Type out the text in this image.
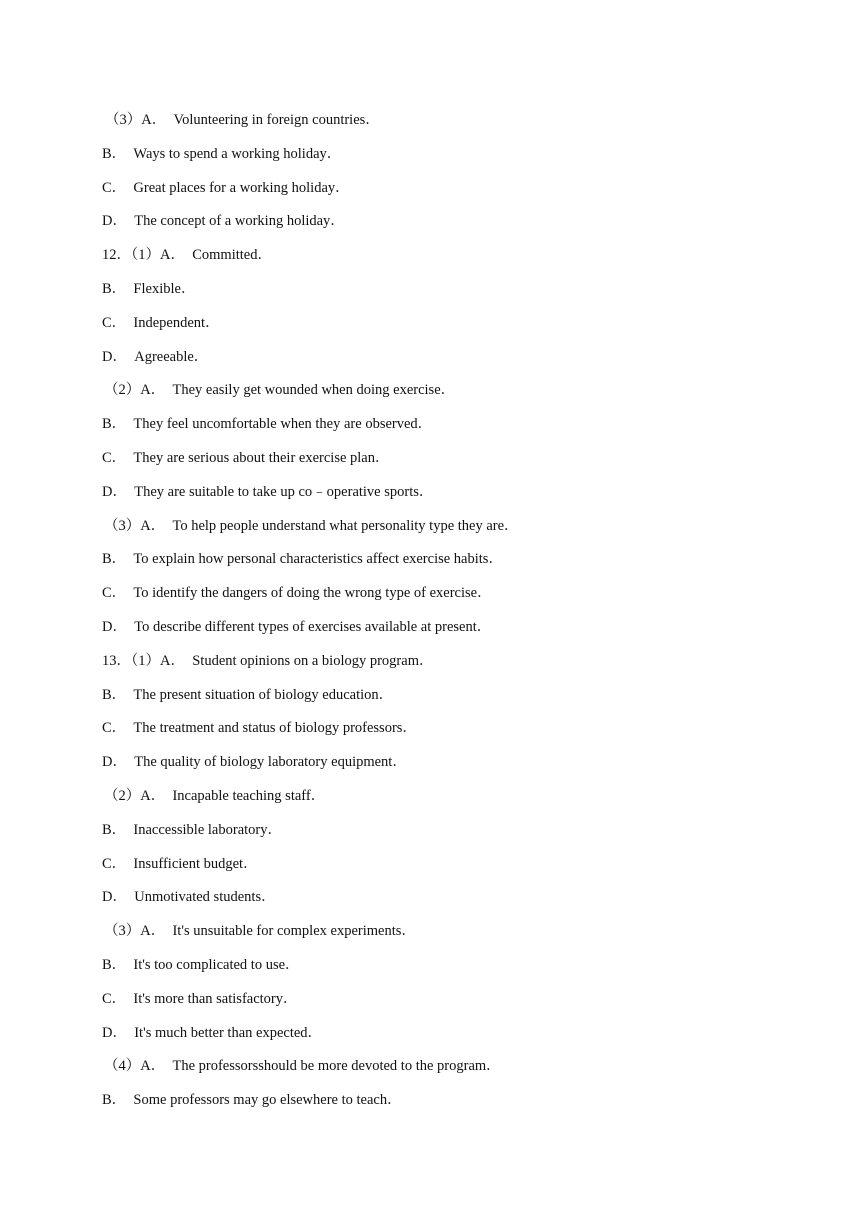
（3）A．　Volunteering in foreign countries．
B．　Ways to spend a working holiday．
C．　Great places for a working holiday．
D．　The concept of a working holiday．
12．（1）A．　Committed．
B．　Flexible．
C．　Independent．
D．　Agreeable．
（2）A．　They easily get wounded when doing exercise．
B．　They feel uncomfortable when they are observed．
C．　They are serious about their exercise plan．
D．　They are suitable to take up co﹣operative sports．
（3）A．　To help people understand what personality type they are．
B．　To explain how personal characteristics affect exercise habits．
C．　To identify the dangers of doing the wrong type of exercise．
D．　To describe different types of exercises available at present．
13．（1）A．　Student opinions on a biology program．
B．　The present situation of biology education．
C．　The treatment and status of biology professors．
D．　The quality of biology laboratory equipment．
（2）A．　Incapable teaching staff．
B．　Inaccessible laboratory．
C．　Insufficient budget．
D．　Unmotivated students．
（3）A．　It's unsuitable for complex experiments．
B．　It's too complicated to use．
C．　It's more than satisfactory．
D．　It's much better than expected．
（4）A．　The professorsshould be more devoted to the program．
B．　Some professors may go elsewhere to teach．
